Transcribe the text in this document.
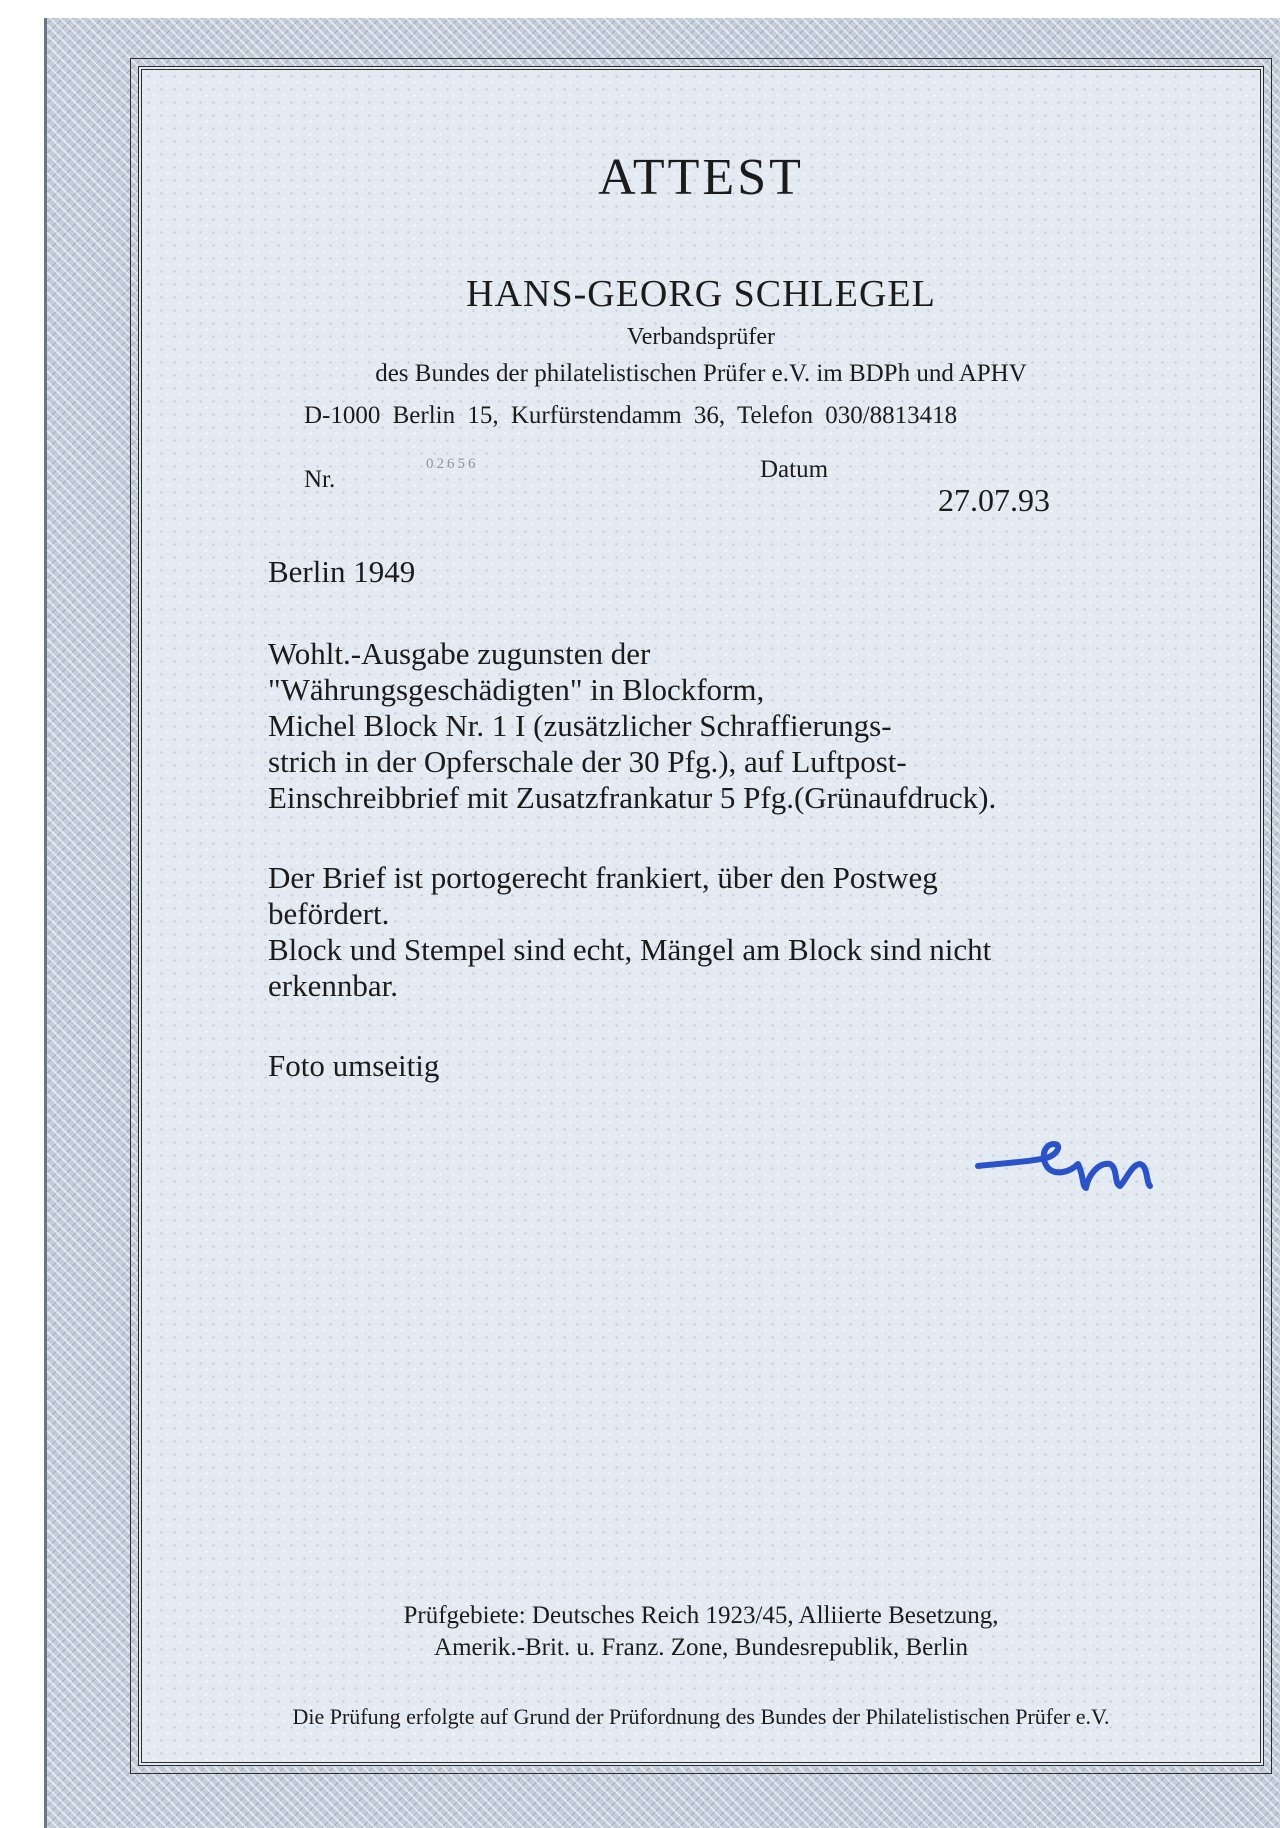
ATTEST
HANS-GEORG SCHLEGEL
Verbandsprüfer
des Bundes der philatelistischen Prüfer e.V. im BDPh und APHV
D-1000 Berlin 15, Kurfürstendamm 36, Telefon 030/8813418
Nr.
02656	Datum
27.07.93
Berlin 1949
Wohlt.-Ausgabe zugunsten der
"Währungsgeschädigten" in Blockform,
Michel Block Nr. 1 I (zusätzlicher Schraffierungs-
strich in der Opferschale der 30 Pfg.), auf Luftpost-
Einschreibbrief mit Zusatzfrankatur 5 Pfg.(Grünaufdruck).
Der Brief ist portogerecht frankiert, über den Postweg
befördert.
Block und Stempel sind echt, Mängel am Block sind nicht
erkennbar.
Foto umseitig
Prüfgebiete: Deutsches Reich 1923/45, Alliierte Besetzung,
Amerik.-Brit. u. Franz. Zone, Bundesrepublik, Berlin
Die Prüfung erfolgte auf Grund der Prüfordnung des Bundes der Philatelistischen Prüfer e.V.
